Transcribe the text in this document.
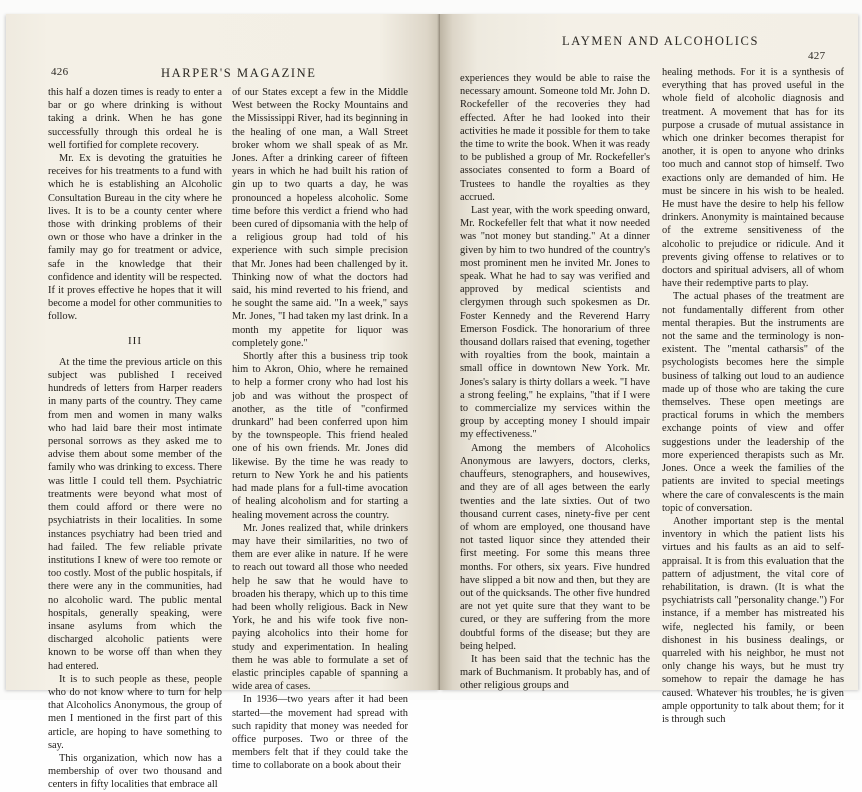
426	HARPER'S MAGAZINE

this half a dozen times is ready to enter a bar or go where drinking is without taking a drink. When he has gone successfully through this ordeal he is well fortified for complete recovery.

Mr. Ex is devoting the gratuities he receives for his treatments to a fund with which he is establishing an Alcoholic Consultation Bureau in the city where he lives. It is to be a county center where those with drinking problems of their own or those who have a drinker in the family may go for treatment or advice, safe in the knowledge that their confidence and identity will be respected. If it proves effective he hopes that it will become a model for other communities to follow.

III

At the time the previous article on this subject was published I received hundreds of letters from Harper readers in many parts of the country. They came from men and women in many walks who had laid bare their most intimate personal sorrows as they asked me to advise them about some member of the family who was drinking to excess. There was little I could tell them. Psychiatric treatments were beyond what most of them could afford or there were no psychiatrists in their localities. In some instances psychiatry had been tried and had failed. The few reliable private institutions I knew of were too remote or too costly. Most of the public hospitals, if there were any in the communities, had no alcoholic ward. The public mental hospitals, generally speaking, were insane asylums from which the discharged alcoholic patients were known to be worse off than when they had entered.

It is to such people as these, people who do not know where to turn for help that Alcoholics Anonymous, the group of men I mentioned in the first part of this article, are hoping to have something to say.

This organization, which now has a membership of over two thousand and centers in fifty localities that embrace all

of our States except a few in the Middle West between the Rocky Mountains and the Mississippi River, had its beginning in the healing of one man, a Wall Street broker whom we shall speak of as Mr. Jones. After a drinking career of fifteen years in which he had built his ration of gin up to two quarts a day, he was pronounced a hopeless alcoholic. Some time before this verdict a friend who had been cured of dipsomania with the help of a religious group had told of his experience with such simple precision that Mr. Jones had been challenged by it. Thinking now of what the doctors had said, his mind reverted to his friend, and he sought the same aid. "In a week," says Mr. Jones, "I had taken my last drink. In a month my appetite for liquor was completely gone."

Shortly after this a business trip took him to Akron, Ohio, where he remained to help a former crony who had lost his job and was without the prospect of another, as the title of "confirmed drunkard" had been conferred upon him by the townspeople. This friend healed one of his own friends. Mr. Jones did likewise. By the time he was ready to return to New York he and his patients had made plans for a full-time avocation of healing alcoholism and for starting a healing movement across the country.

Mr. Jones realized that, while drinkers may have their similarities, no two of them are ever alike in nature. If he were to reach out toward all those who needed help he saw that he would have to broaden his therapy, which up to this time had been wholly religious. Back in New York, he and his wife took five non-paying alcoholics into their home for study and experimentation. In healing them he was able to formulate a set of elastic principles capable of spanning a wide area of cases.

In 1936—two years after it had been started—the movement had spread with such rapidity that money was needed for office purposes. Two or three of the members felt that if they could take the time to collaborate on a book about their

LAYMEN AND ALCOHOLICS
427

experiences they would be able to raise the necessary amount. Someone told Mr. John D. Rockefeller of the recoveries they had effected. After he had looked into their activities he made it possible for them to take the time to write the book. When it was ready to be published a group of Mr. Rockefeller's associates consented to form a Board of Trustees to handle the royalties as they accrued.

Last year, with the work speeding onward, Mr. Rockefeller felt that what it now needed was "not money but standing." At a dinner given by him to two hundred of the country's most prominent men he invited Mr. Jones to speak. What he had to say was verified and approved by medical scientists and clergymen through such spokesmen as Dr. Foster Kennedy and the Reverend Harry Emerson Fosdick. The honorarium of three thousand dollars raised that evening, together with royalties from the book, maintain a small office in downtown New York. Mr. Jones's salary is thirty dollars a week. "I have a strong feeling," he explains, "that if I were to commercialize my services within the group by accepting money I should impair my effectiveness."

Among the members of Alcoholics Anonymous are lawyers, doctors, clerks, chauffeurs, stenographers, and housewives, and they are of all ages between the early twenties and the late sixties. Out of two thousand current cases, ninety-five per cent of whom are employed, one thousand have not tasted liquor since they attended their first meeting. For some this means three months. For others, six years. Five hundred have slipped a bit now and then, but they are out of the quicksands. The other five hundred are not yet quite sure that they want to be cured, or they are suffering from the more doubtful forms of the disease; but they are being helped.

It has been said that the technic has the mark of Buchmanism. It probably has, and of other religious groups and

healing methods. For it is a synthesis of everything that has proved useful in the whole field of alcoholic diagnosis and treatment. A movement that has for its purpose a crusade of mutual assistance in which one drinker becomes therapist for another, it is open to anyone who drinks too much and cannot stop of himself. Two exactions only are demanded of him. He must be sincere in his wish to be healed. He must have the desire to help his fellow drinkers. Anonymity is maintained because of the extreme sensitiveness of the alcoholic to prejudice or ridicule. And it prevents giving offense to relatives or to doctors and spiritual advisers, all of whom have their redemptive parts to play.

The actual phases of the treatment are not fundamentally different from other mental therapies. But the instruments are not the same and the terminology is non-existent. The "mental catharsis" of the psychologists becomes here the simple business of talking out loud to an audience made up of those who are taking the cure themselves. These open meetings are practical forums in which the members exchange points of view and offer suggestions under the leadership of the more experienced therapists such as Mr. Jones. Once a week the families of the patients are invited to special meetings where the care of convalescents is the main topic of conversation.

Another important step is the mental inventory in which the patient lists his virtues and his faults as an aid to self-appraisal. It is from this evaluation that the pattern of adjustment, the vital core of rehabilitation, is drawn. (It is what the psychiatrists call "personality change.") For instance, if a member has mistreated his wife, neglected his family, or been dishonest in his business dealings, or quarreled with his neighbor, he must not only change his ways, but he must try somehow to repair the damage he has caused. Whatever his troubles, he is given ample opportunity to talk about them; for it is through such
